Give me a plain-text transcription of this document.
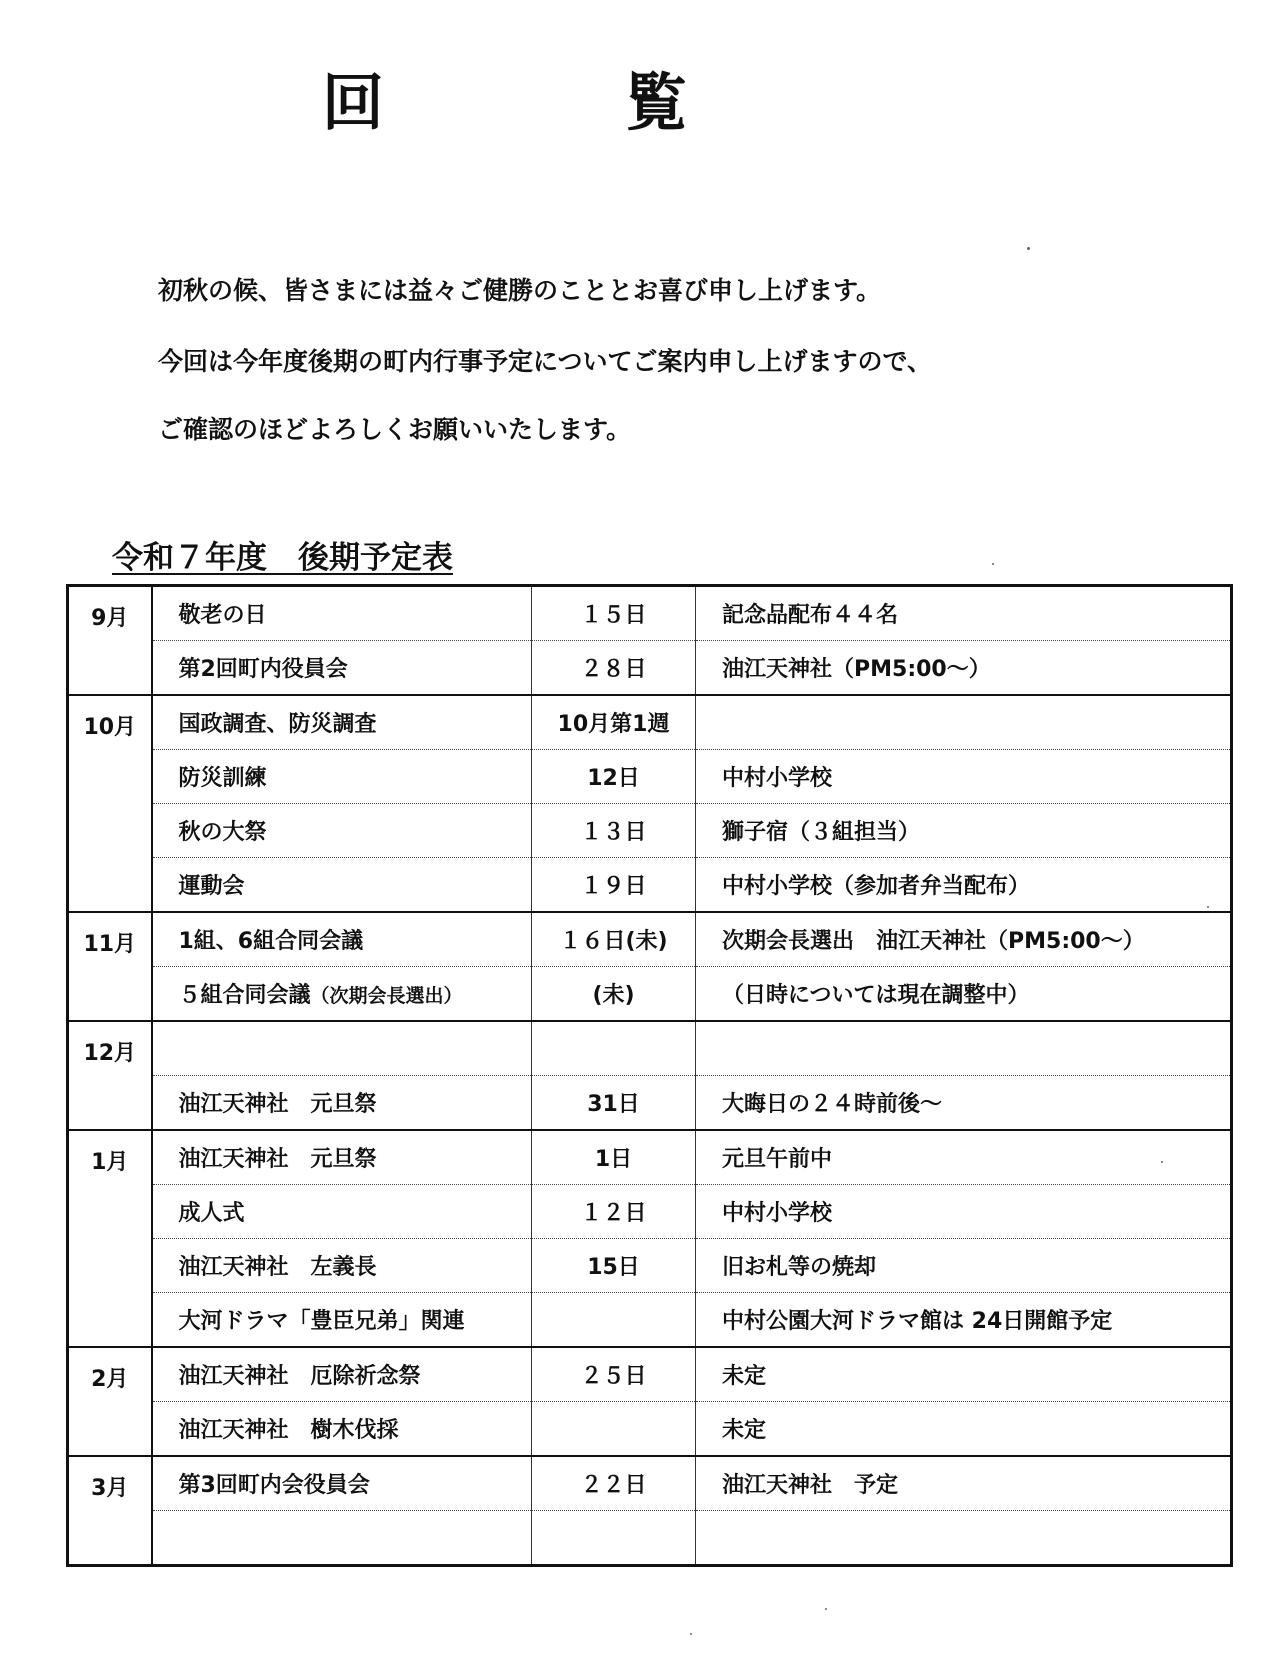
回	覧
初秋の候、皆さまには益々ご健勝のこととお喜び申し上げます。
今回は今年度後期の町内行事予定についてご案内申し上げますので、
ご確認のほどよろしくお願いいたします。
令和７年度　後期予定表
9月	敬老の日	１５日	記念品配布４４名
	第2回町内役員会	２８日	油江天神社（PM5:00～）
10月	国政調査、防災調査	10月第1週	
	防災訓練	12日	中村小学校
	秋の大祭	１３日	獅子宿（３組担当）
	運動会	１９日	中村小学校（参加者弁当配布）
11月	1組、6組合同会議	１６日(未)	次期会長選出　油江天神社（PM5:00～）
	５組合同会議（次期会長選出）	(未)	（日時については現在調整中）
12月			
	油江天神社　元旦祭	31日	大晦日の２４時前後～
1月	油江天神社　元旦祭	1日	元旦午前中
	成人式	１２日	中村小学校
	油江天神社　左義長	15日	旧お札等の焼却
	大河ドラマ「豊臣兄弟」関連		中村公園大河ドラマ館は 24日開館予定
2月	油江天神社　厄除祈念祭	２５日	未定
	油江天神社　樹木伐採		未定
3月	第3回町内会役員会	２２日	油江天神社　予定
